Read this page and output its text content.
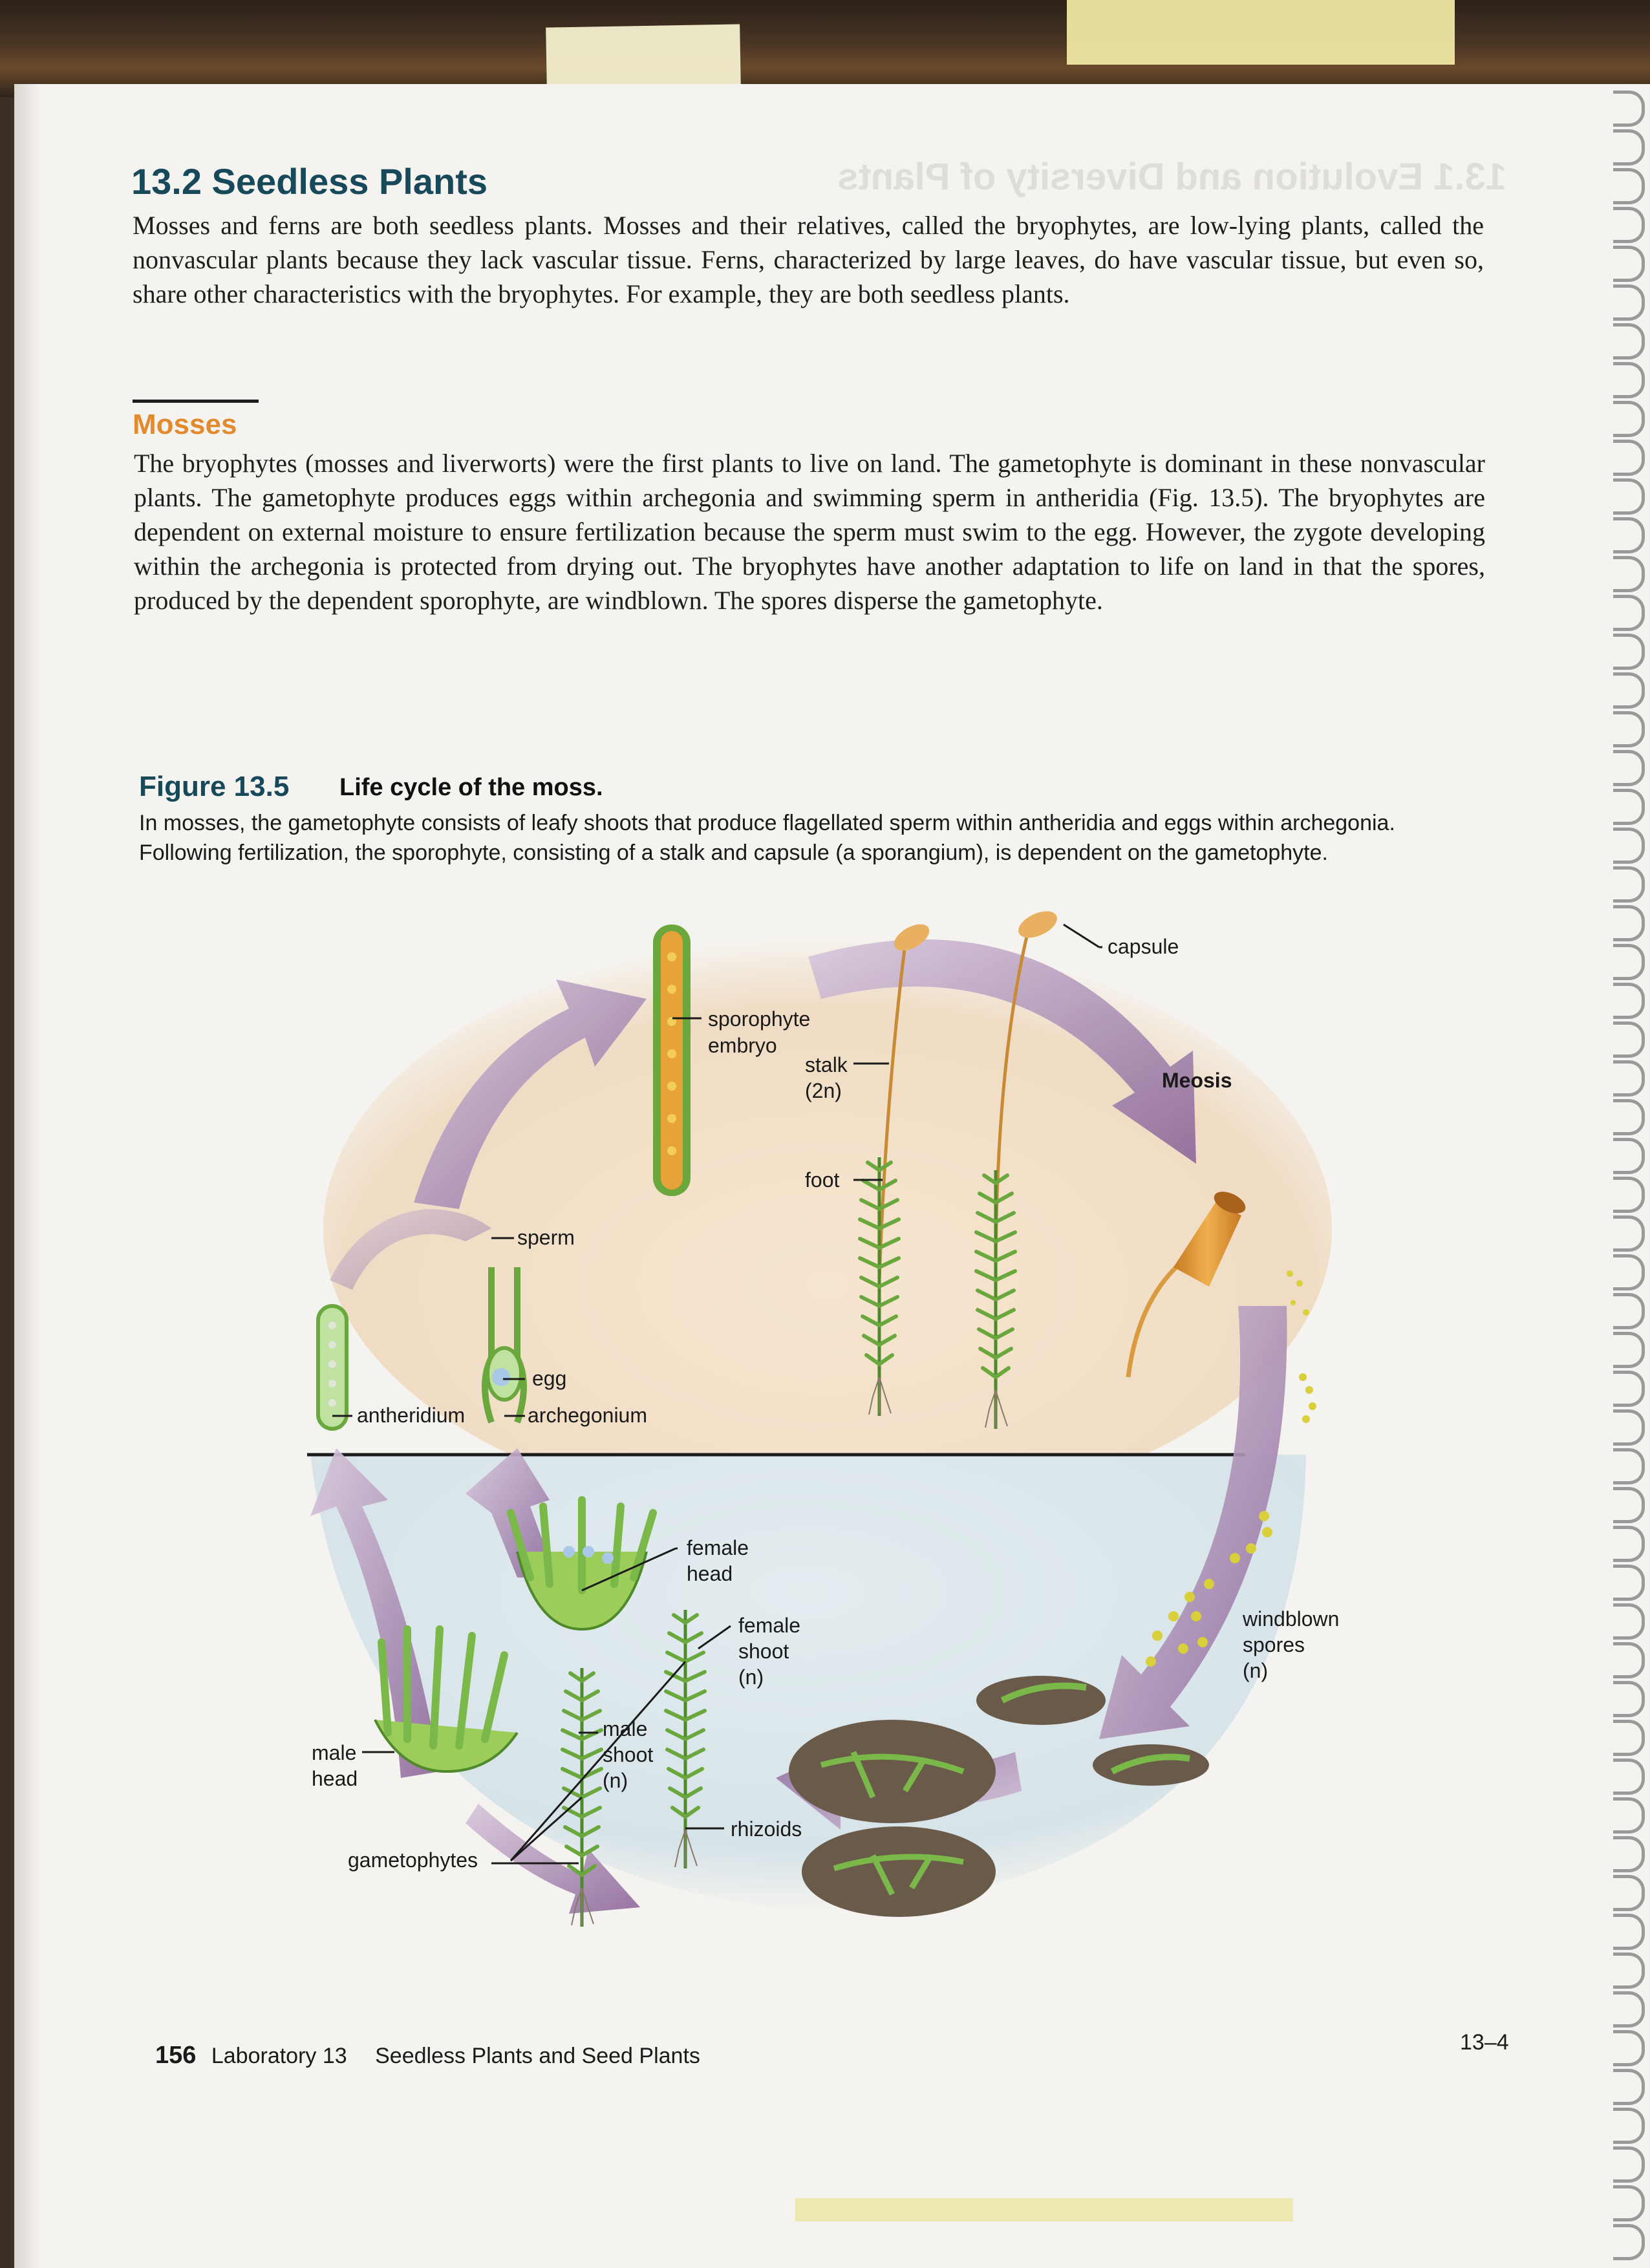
13.1 Evolution and Diversity of Plants
13.2 Seedless Plants

Mosses and ferns are both seedless plants. Mosses and their relatives, called the bryophytes, are low-lying plants, called the nonvascular plants because they lack vascular tissue. Ferns, characterized by large leaves, do have vascular tissue, but even so, share other characteristics with the bryophytes. For example, they are both seedless plants.

Mosses

The bryophytes (mosses and liverworts) were the first plants to live on land. The gametophyte is dominant in these nonvascular plants. The gametophyte produces eggs within archegonia and swimming sperm in antheridia (Fig. 13.5). The bryophytes are dependent on external moisture to ensure fertilization because the sperm must swim to the egg. However, the zygote developing within the archegonia is protected from drying out. The bryophytes have another adaptation to life on land in that the spores, produced by the dependent sporophyte, are windblown. The spores disperse the gametophyte.

Figure 13.5 Life cycle of the moss.

In mosses, the gametophyte consists of leafy shoots that produce flagellated sperm within antheridia and eggs within archegonia. Following fertilization, the sporophyte, consisting of a stalk and capsule (a sporangium), is dependent on the gametophyte.

capsule
sporophyte
embryo
stalk
(2n)	Meosis
foot
sperm
egg
antheridium	archegonium
female
head
female
shoot
(n)
windblown
spores
(n)
male
shoot
(n)
male
head
rhizoids
gametophytes
156 Laboratory 13 Seedless Plants and Seed Plants
13–4
